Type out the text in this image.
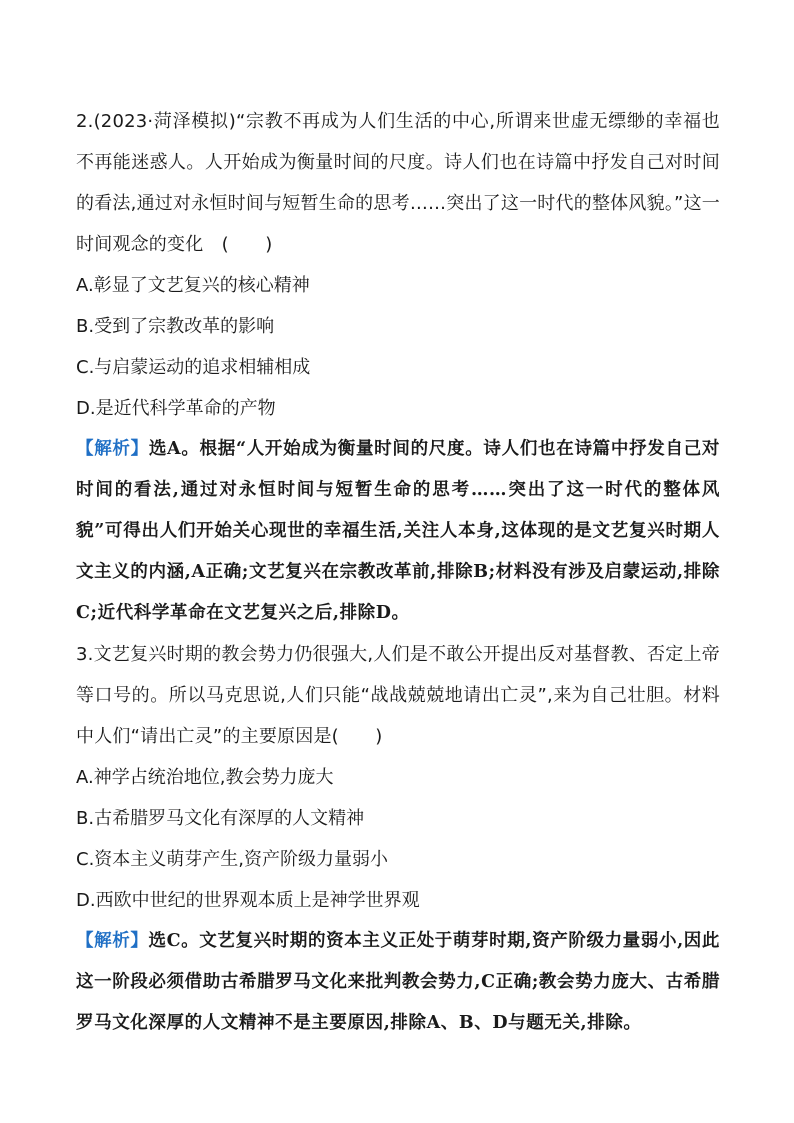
2.(2023·菏泽模拟)“宗教不再成为人们生活的中心,所谓来世虚无缥缈的幸福也不再能迷惑人。人开始成为衡量时间的尺度。诗人们也在诗篇中抒发自己对时间的看法,通过对永恒时间与短暂生命的思考……突出了这一时代的整体风貌。”这一时间观念的变化　(　　)

A.彰显了文艺复兴的核心精神

B.受到了宗教改革的影响

C.与启蒙运动的追求相辅相成

D.是近代科学革命的产物

【解析】选A。根据“人开始成为衡量时间的尺度。诗人们也在诗篇中抒发自己对时间的看法,通过对永恒时间与短暂生命的思考……突出了这一时代的整体风貌”可得出人们开始关心现世的幸福生活,关注人本身,这体现的是文艺复兴时期人文主义的内涵,A正确;文艺复兴在宗教改革前,排除B;材料没有涉及启蒙运动,排除C;近代科学革命在文艺复兴之后,排除D。

3.文艺复兴时期的教会势力仍很强大,人们是不敢公开提出反对基督教、否定上帝等口号的。所以马克思说,人们只能“战战兢兢地请出亡灵”,来为自己壮胆。材料中人们“请出亡灵”的主要原因是(　　)

A.神学占统治地位,教会势力庞大

B.古希腊罗马文化有深厚的人文精神

C.资本主义萌芽产生,资产阶级力量弱小

D.西欧中世纪的世界观本质上是神学世界观

【解析】选C。文艺复兴时期的资本主义正处于萌芽时期,资产阶级力量弱小,因此这一阶段必须借助古希腊罗马文化来批判教会势力,C正确;教会势力庞大、古希腊罗马文化深厚的人文精神不是主要原因,排除A、B、D与题无关,排除。
